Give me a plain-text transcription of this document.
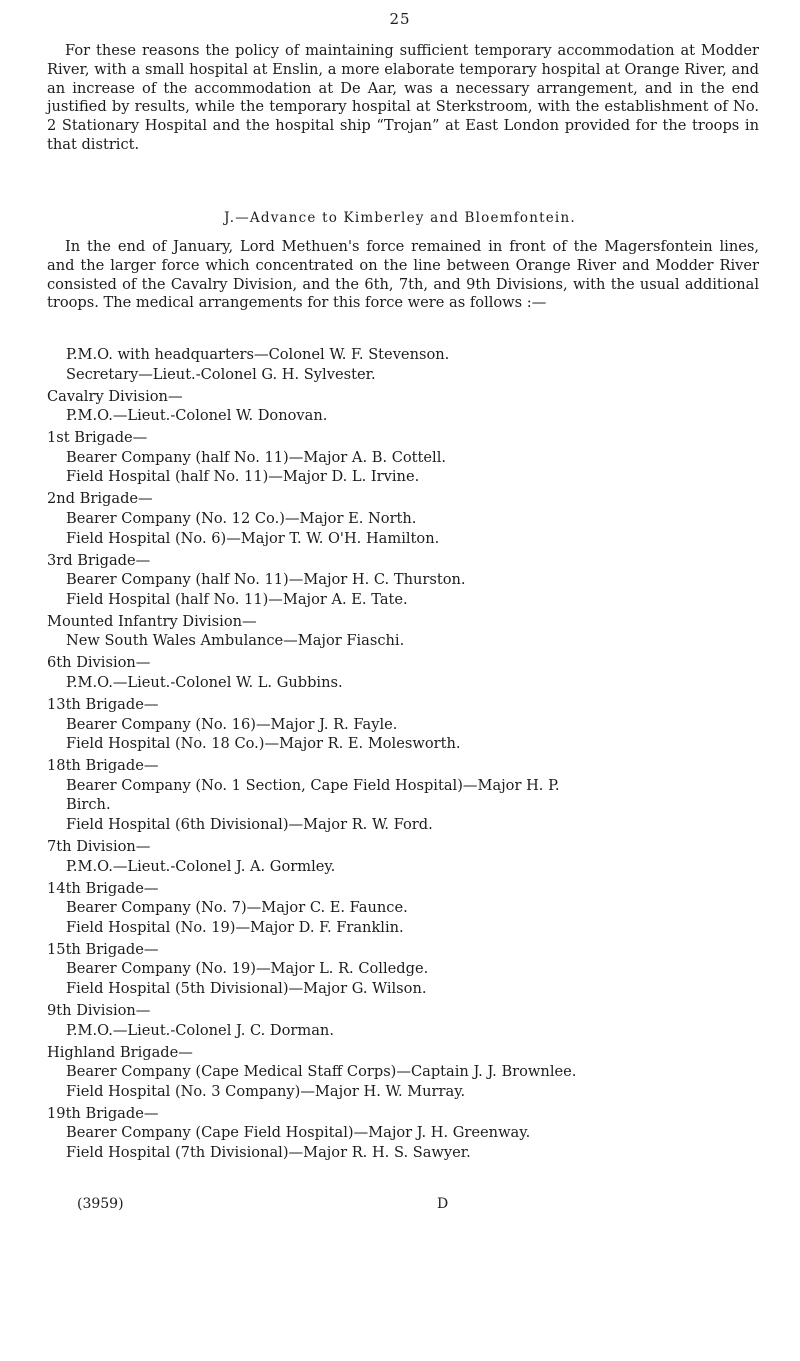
25

For these reasons the policy of maintaining sufficient temporary accommodation at Modder River, with a small hospital at Enslin, a more elaborate temporary hospital at Orange River, and an increase of the accommodation at De Aar, was a necessary arrangement, and in the end justified by results, while the temporary hospital at Sterkstroom, with the establishment of No. 2 Stationary Hospital and the hospital ship “Trojan” at East London provided for the troops in that district.

J.—Advance to Kimberley and Bloemfontein.

In the end of January, Lord Methuen's force remained in front of the Magersfontein lines, and the larger force which concentrated on the line between Orange River and Modder River consisted of the Cavalry Division, and the 6th, 7th, and 9th Divisions, with the usual additional troops. The medical arrangements for this force were as follows :—

P.M.O. with headquarters—Colonel W. F. Stevenson.
Secretary—Lieut.-Colonel G. H. Sylvester.
Cavalry Division—
P.M.O.—Lieut.-Colonel W. Donovan.
1st Brigade—
Bearer Company (half No. 11)—Major A. B. Cottell.
Field Hospital (half No. 11)—Major D. L. Irvine.
2nd Brigade—
Bearer Company (No. 12 Co.)—Major E. North.
Field Hospital (No. 6)—Major T. W. O'H. Hamilton.
3rd Brigade—
Bearer Company (half No. 11)—Major H. C. Thurston.
Field Hospital (half No. 11)—Major A. E. Tate.
Mounted Infantry Division—
New South Wales Ambulance—Major Fiaschi.
6th Division—
P.M.O.—Lieut.-Colonel W. L. Gubbins.
13th Brigade—
Bearer Company (No. 16)—Major J. R. Fayle.
Field Hospital (No. 18 Co.)—Major R. E. Molesworth.
18th Brigade—
Bearer Company (No. 1 Section, Cape Field Hospital)—Major H. P.
Birch.
Field Hospital (6th Divisional)—Major R. W. Ford.
7th Division—
P.M.O.—Lieut.-Colonel J. A. Gormley.
14th Brigade—
Bearer Company (No. 7)—Major C. E. Faunce.
Field Hospital (No. 19)—Major D. F. Franklin.
15th Brigade—
Bearer Company (No. 19)—Major L. R. Colledge.
Field Hospital (5th Divisional)—Major G. Wilson.
9th Division—
P.M.O.—Lieut.-Colonel J. C. Dorman.
Highland Brigade—
Bearer Company (Cape Medical Staff Corps)—Captain J. J. Brownlee.
Field Hospital (No. 3 Company)—Major H. W. Murray.
19th Brigade—
Bearer Company (Cape Field Hospital)—Major J. H. Greenway.
Field Hospital (7th Divisional)—Major R. H. S. Sawyer.
(3959)	D
